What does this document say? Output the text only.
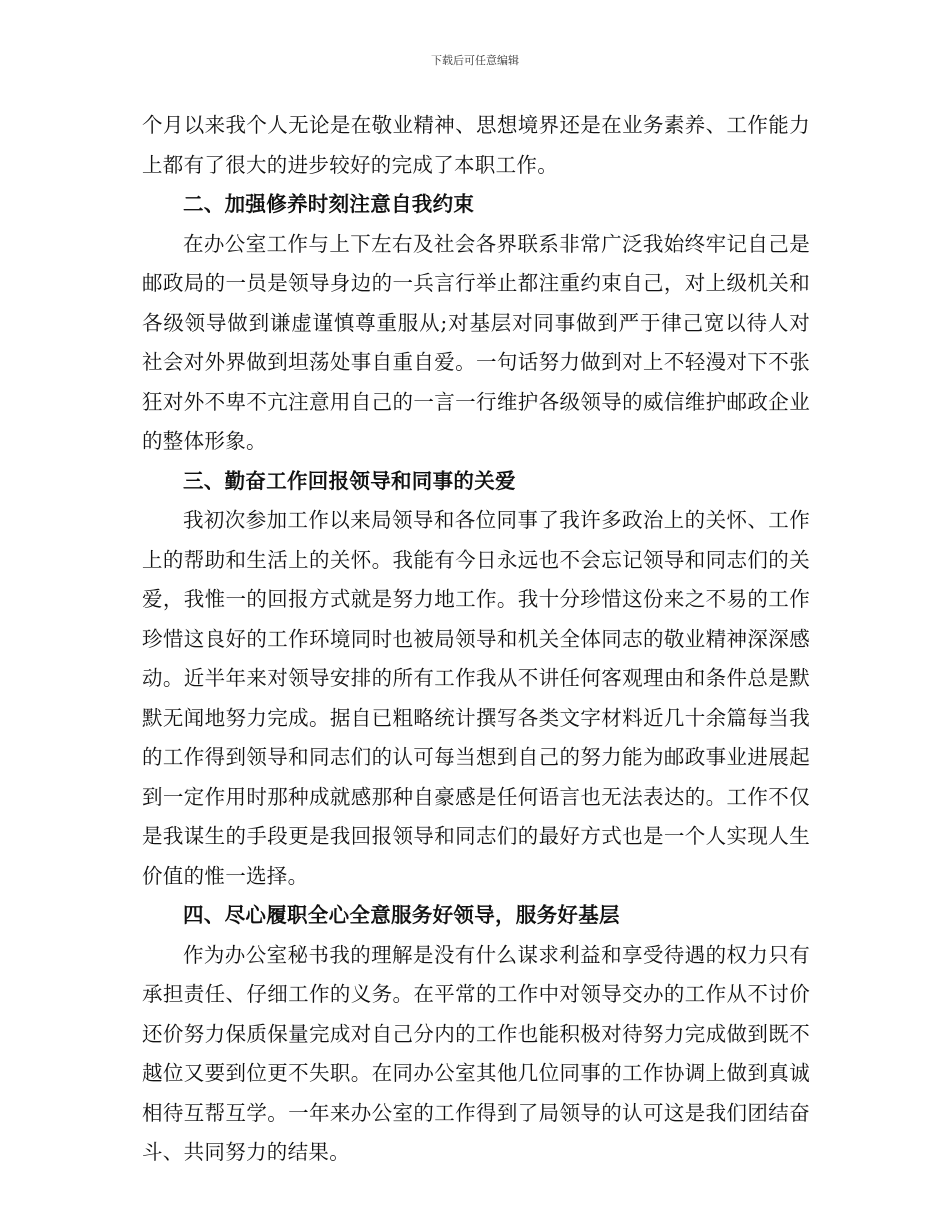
下载后可任意编辑

个月以来我个人无论是在敬业精神、思想境界还是在业务素养、工作能力上都有了很大的进步较好的完成了本职工作。

二、加强修养时刻注意自我约束

在办公室工作与上下左右及社会各界联系非常广泛我始终牢记自己是邮政局的一员是领导身边的一兵言行举止都注重约束自己，对上级机关和各级领导做到谦虚谨慎尊重服从;对基层对同事做到严于律己宽以待人对社会对外界做到坦荡处事自重自爱。一句话努力做到对上不轻漫对下不张狂对外不卑不亢注意用自己的一言一行维护各级领导的威信维护邮政企业的整体形象。

三、勤奋工作回报领导和同事的关爱

我初次参加工作以来局领导和各位同事了我许多政治上的关怀、工作上的帮助和生活上的关怀。我能有今日永远也不会忘记领导和同志们的关爱，我惟一的回报方式就是努力地工作。我十分珍惜这份来之不易的工作珍惜这良好的工作环境同时也被局领导和机关全体同志的敬业精神深深感动。近半年来对领导安排的所有工作我从不讲任何客观理由和条件总是默默无闻地努力完成。据自已粗略统计撰写各类文字材料近几十余篇每当我的工作得到领导和同志们的认可每当想到自己的努力能为邮政事业进展起到一定作用时那种成就感那种自豪感是任何语言也无法表达的。工作不仅是我谋生的手段更是我回报领导和同志们的最好方式也是一个人实现人生价值的惟一选择。

四、尽心履职全心全意服务好领导，服务好基层

作为办公室秘书我的理解是没有什么谋求利益和享受待遇的权力只有承担责任、仔细工作的义务。在平常的工作中对领导交办的工作从不讨价还价努力保质保量完成对自己分内的工作也能积极对待努力完成做到既不越位又要到位更不失职。在同办公室其他几位同事的工作协调上做到真诚相待互帮互学。一年来办公室的工作得到了局领导的认可这是我们团结奋斗、共同努力的结果。
